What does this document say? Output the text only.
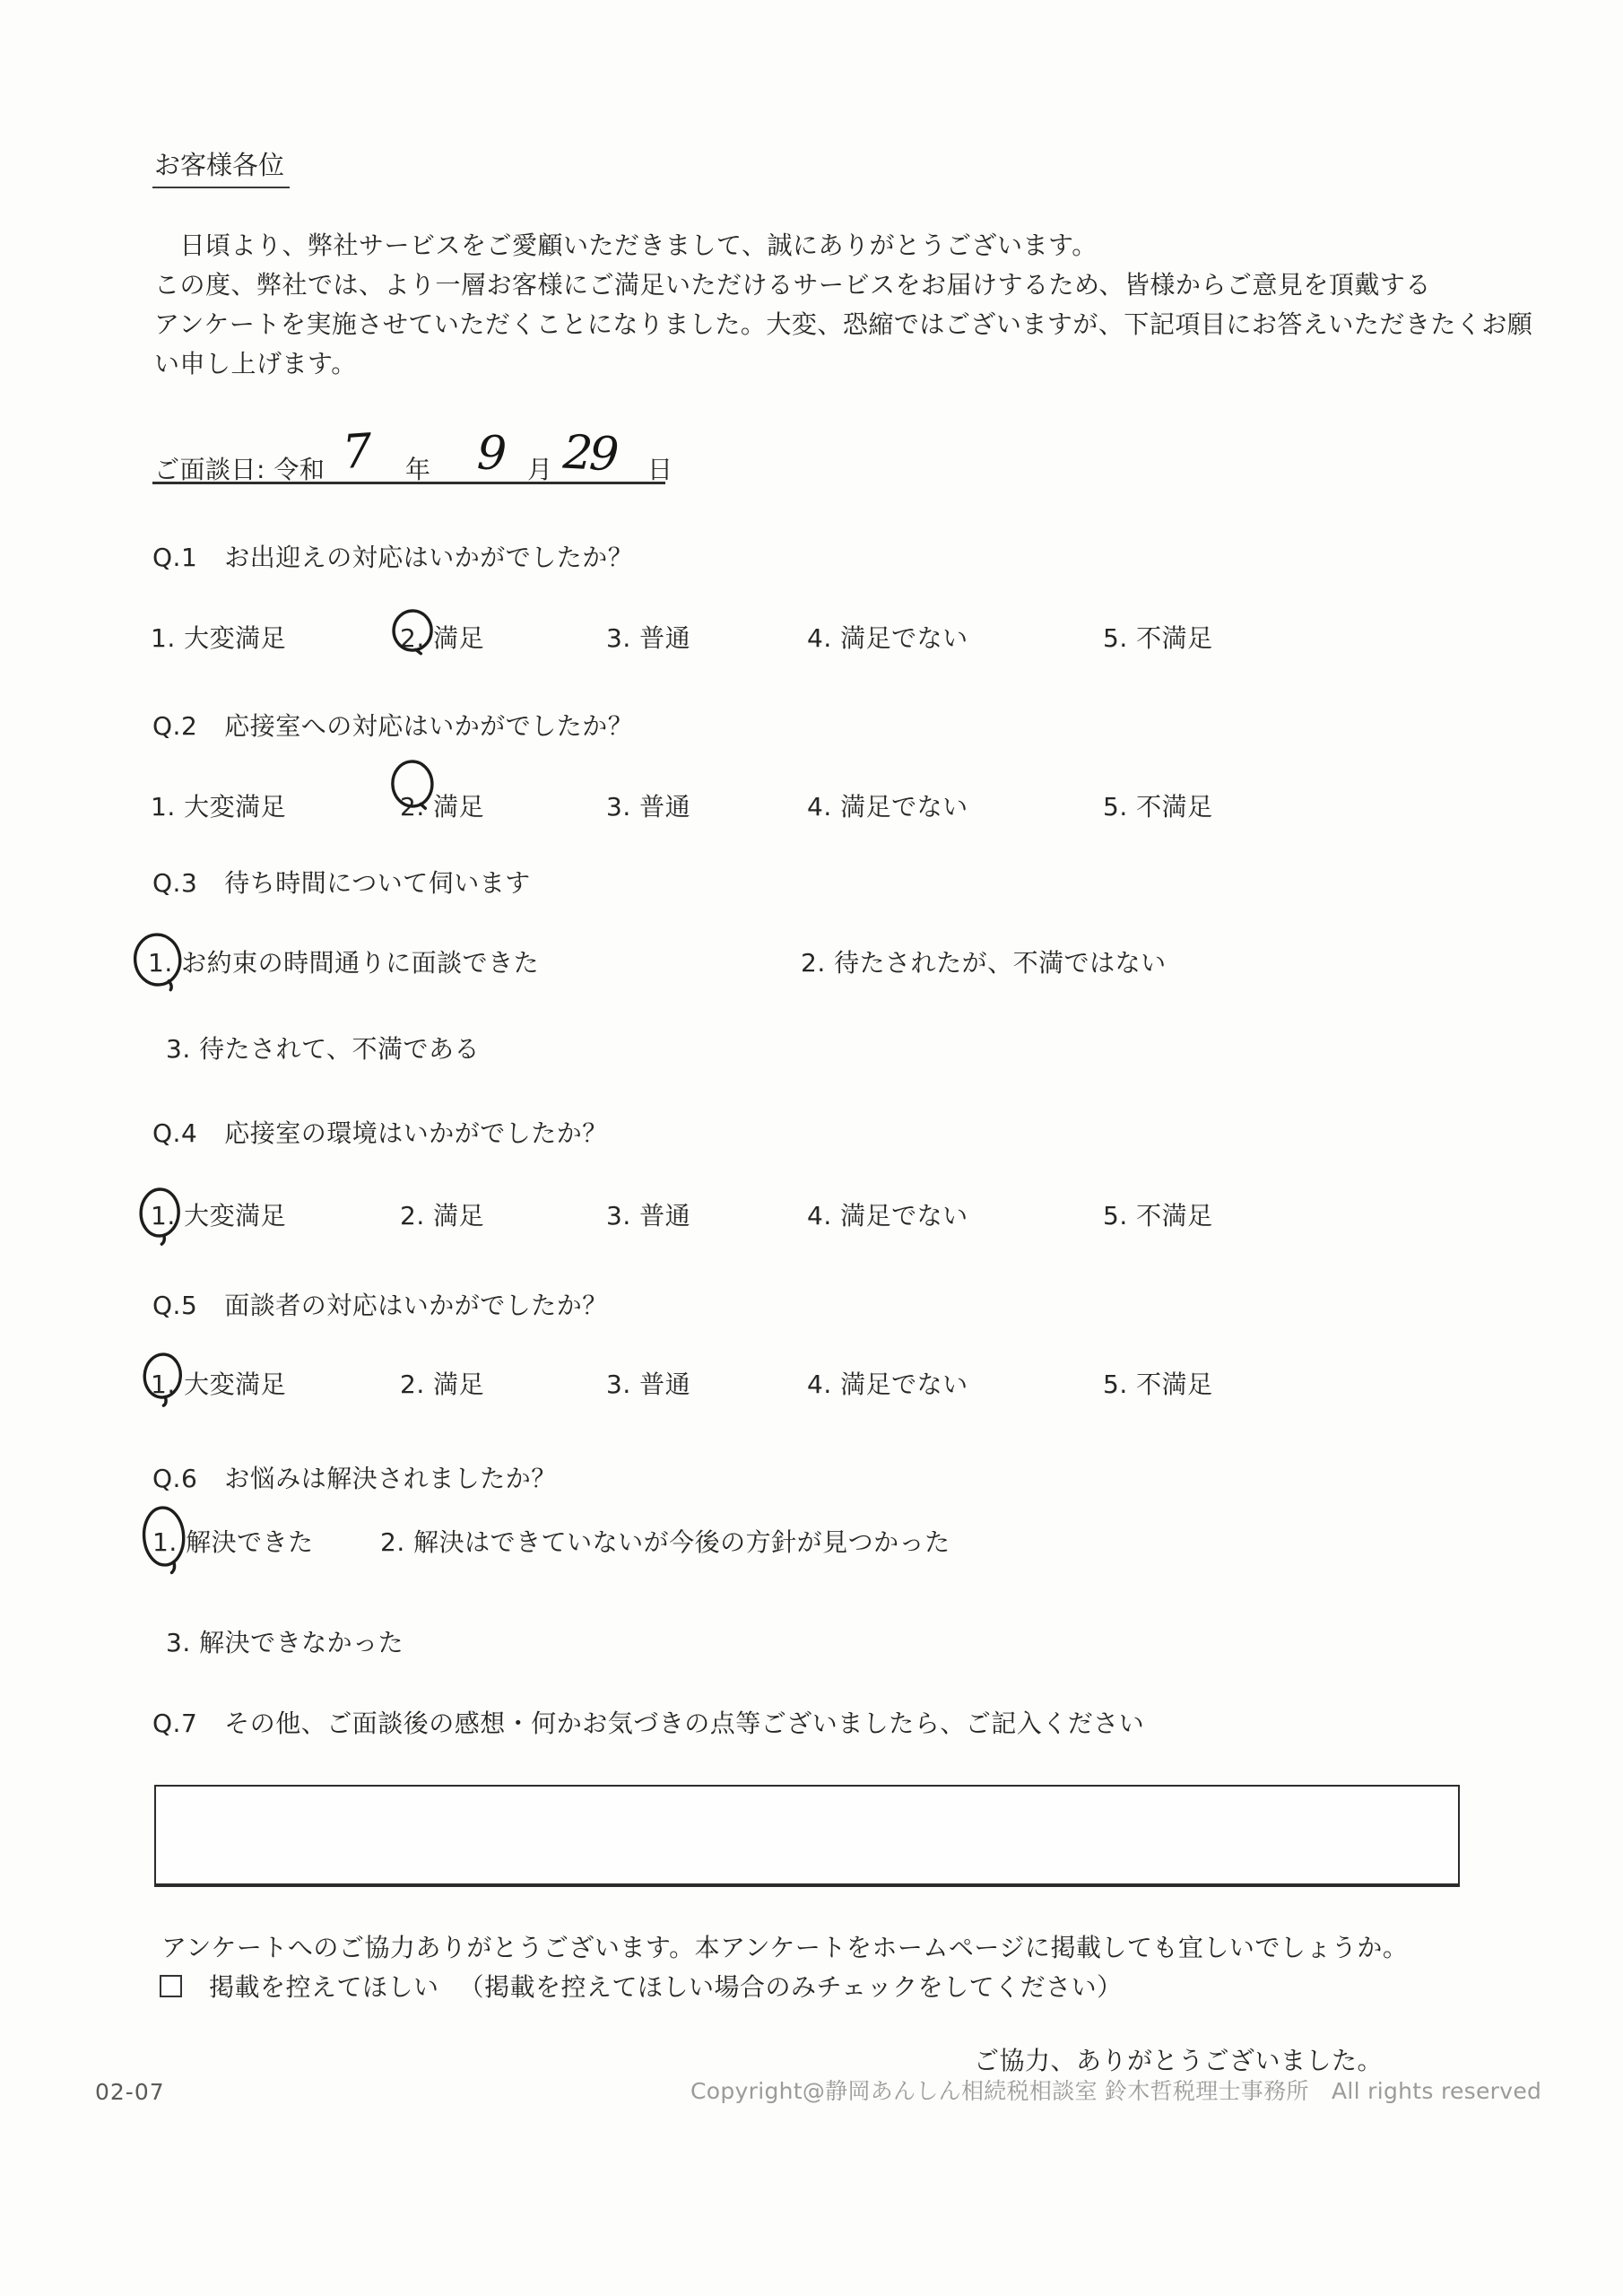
お客様各位
　日頃より、弊社サービスをご愛顧いただきまして、誠にありがとうございます。
この度、弊社では、より一層お客様にご満足いただけるサービスをお届けするため、皆様からご意見を頂戴する
アンケートを実施させていただくことになりました。大変、恐縮ではございますが、下記項目にお答えいただきたくお願
い申し上げます。
ご面談日: 令和 7 年 9 月 29 日
Q.1 お出迎えの対応はいかがでしたか？
1. 大変満足	2. 満足	3. 普通	4. 満足でない	5. 不満足
Q.2 応接室への対応はいかがでしたか？
1. 大変満足	2. 満足	3. 普通	4. 満足でない	5. 不満足
Q.3 待ち時間について伺います
1. お約束の時間通りに面談できた	2. 待たされたが、不満ではない
3. 待たされて、不満である
Q.4 応接室の環境はいかがでしたか？
1. 大変満足	2. 満足	3. 普通	4. 満足でない	5. 不満足
Q.5 面談者の対応はいかがでしたか？
1. 大変満足	2. 満足	3. 普通	4. 満足でない	5. 不満足
Q.6 お悩みは解決されましたか？
1. 解決できた	2. 解決はできていないが今後の方針が見つかった
3. 解決できなかった
Q.7 その他、ご面談後の感想・何かお気づきの点等ございましたら、ご記入ください
アンケートへのご協力ありがとうございます。本アンケートをホームページに掲載しても宜しいでしょうか。
掲載を控えてほしい （掲載を控えてほしい場合のみチェックをしてください）
ご協力、ありがとうございました。
02-07	Copyright@静岡あんしん相続税相談室 鈴木哲税理士事務所　All rights reserved
